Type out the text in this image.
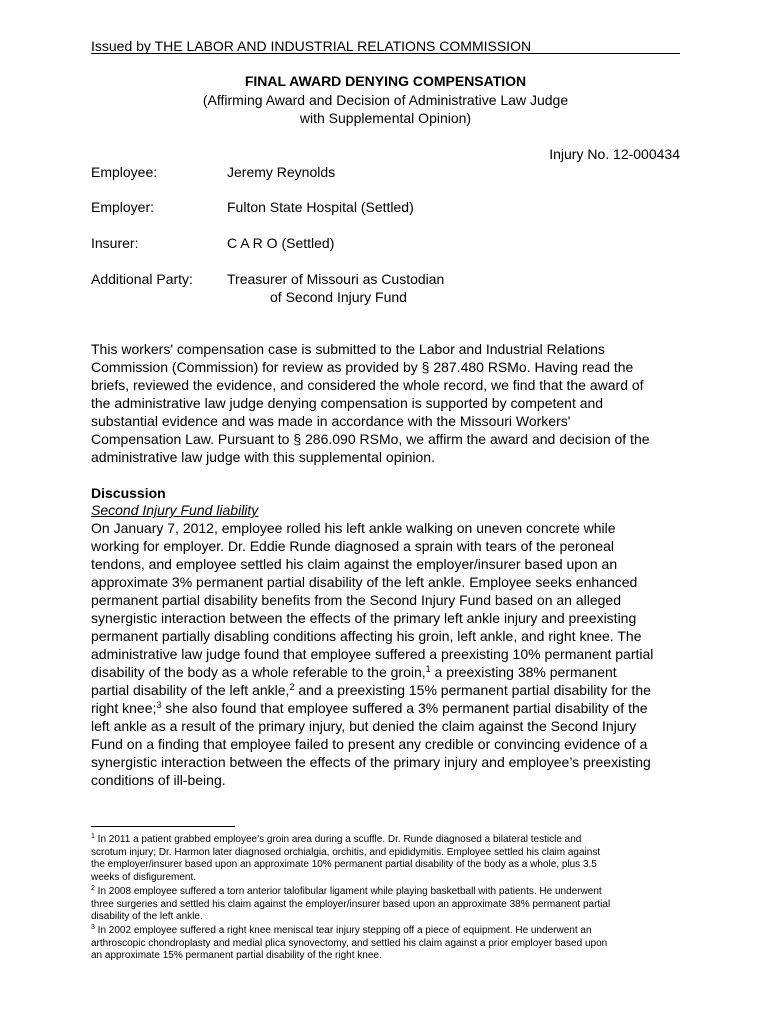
Issued by THE LABOR AND INDUSTRIAL RELATIONS COMMISSION
FINAL AWARD DENYING COMPENSATION
(Affirming Award and Decision of Administrative Law Judge
with Supplemental Opinion)
Injury No. 12-000434
Employee:	Jeremy Reynolds
Employer:	Fulton State Hospital (Settled)
Insurer:	C A R O (Settled)
Additional Party: Treasurer of Missouri as Custodian
of Second Injury Fund
This workers' compensation case is submitted to the Labor and Industrial Relations
Commission (Commission) for review as provided by § 287.480 RSMo. Having read the
briefs, reviewed the evidence, and considered the whole record, we find that the award of
the administrative law judge denying compensation is supported by competent and
substantial evidence and was made in accordance with the Missouri Workers'
Compensation Law. Pursuant to § 286.090 RSMo, we affirm the award and decision of the
administrative law judge with this supplemental opinion.
Discussion
Second Injury Fund liability
On January 7, 2012, employee rolled his left ankle walking on uneven concrete while
working for employer. Dr. Eddie Runde diagnosed a sprain with tears of the peroneal
tendons, and employee settled his claim against the employer/insurer based upon an
approximate 3% permanent partial disability of the left ankle. Employee seeks enhanced
permanent partial disability benefits from the Second Injury Fund based on an alleged
synergistic interaction between the effects of the primary left ankle injury and preexisting
permanent partially disabling conditions affecting his groin, left ankle, and right knee. The
administrative law judge found that employee suffered a preexisting 10% permanent partial
disability of the body as a whole referable to the groin,$^1$ a preexisting 38% permanent
partial disability of the left ankle,$^2$ and a preexisting 15% permanent partial disability for the
right knee;$^3$ she also found that employee suffered a 3% permanent partial disability of the
left ankle as a result of the primary injury, but denied the claim against the Second Injury
Fund on a finding that employee failed to present any credible or convincing evidence of a
synergistic interaction between the effects of the primary injury and employee’s preexisting
conditions of ill-being.
$^1$ In 2011 a patient grabbed employee’s groin area during a scuffle. Dr. Runde diagnosed a bilateral testicle and
scrotum injury; Dr. Harmon later diagnosed orchialgia, orchitis, and epididymitis. Employee settled his claim against
the employer/insurer based upon an approximate 10% permanent partial disability of the body as a whole, plus 3.5
weeks of disfigurement.
$^2$ In 2008 employee suffered a torn anterior talofibular ligament while playing basketball with patients. He underwent
three surgeries and settled his claim against the employer/insurer based upon an approximate 38% permanent partial
disability of the left ankle.
$^3$ In 2002 employee suffered a right knee meniscal tear injury stepping off a piece of equipment. He underwent an
arthroscopic chondroplasty and medial plica synovectomy, and settled his claim against a prior employer based upon
an approximate 15% permanent partial disability of the right knee.
